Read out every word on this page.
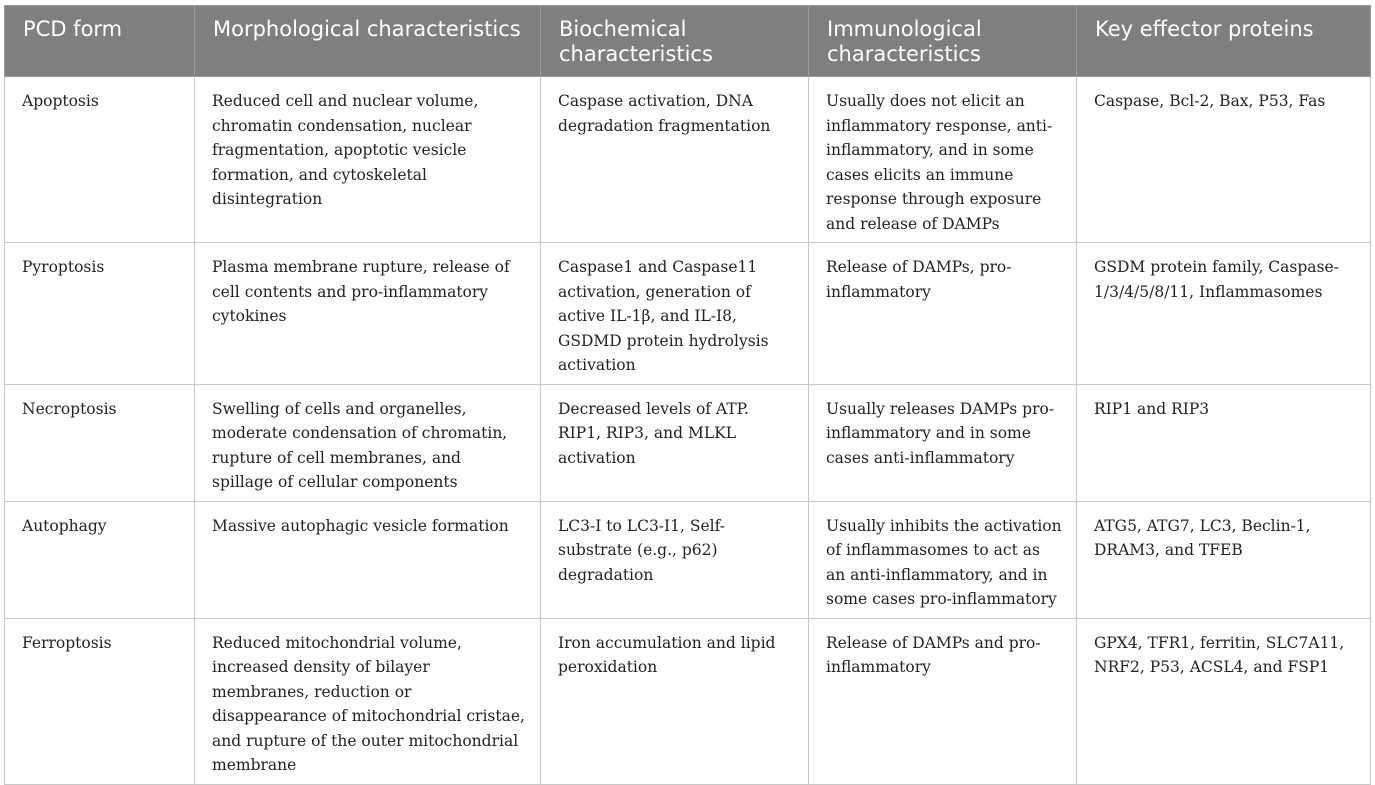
PCD form	Morphological characteristics	Biochemical characteristics	Immunological characteristics	Key effector proteins
Apoptosis	Reduced cell and nuclear volume, chromatin condensation, nuclear fragmentation, apoptotic vesicle formation, and cytoskeletal disintegration	Caspase activation, DNA degradation fragmentation	Usually does not elicit an inflammatory response, anti-inflammatory, and in some cases elicits an immune response through exposure and release of DAMPs	Caspase, Bcl-2, Bax, P53, Fas
Pyroptosis	Plasma membrane rupture, release of cell contents and pro-inflammatory cytokines	Caspase1 and Caspase11 activation, generation of active IL-1β, and IL-I8, GSDMD protein hydrolysis activation	Release of DAMPs, pro-inflammatory	GSDM protein family, Caspase-1/3/4/5/8/11, Inflammasomes
Necroptosis	Swelling of cells and organelles, moderate condensation of chromatin, rupture of cell membranes, and spillage of cellular components	Decreased levels of ATP. RIP1, RIP3, and MLKL activation	Usually releases DAMPs pro-inflammatory and in some cases anti-inflammatory	RIP1 and RIP3
Autophagy	Massive autophagic vesicle formation	LC3-I to LC3-I1, Self-substrate (e.g., p62) degradation	Usually inhibits the activation of inflammasomes to act as an anti-inflammatory, and in some cases pro-inflammatory	ATG5, ATG7, LC3, Beclin-1, DRAM3, and TFEB
Ferroptosis	Reduced mitochondrial volume, increased density of bilayer membranes, reduction or disappearance of mitochondrial cristae, and rupture of the outer mitochondrial membrane	Iron accumulation and lipid peroxidation	Release of DAMPs and pro-inflammatory	GPX4, TFR1, ferritin, SLC7A11, NRF2, P53, ACSL4, and FSP1
